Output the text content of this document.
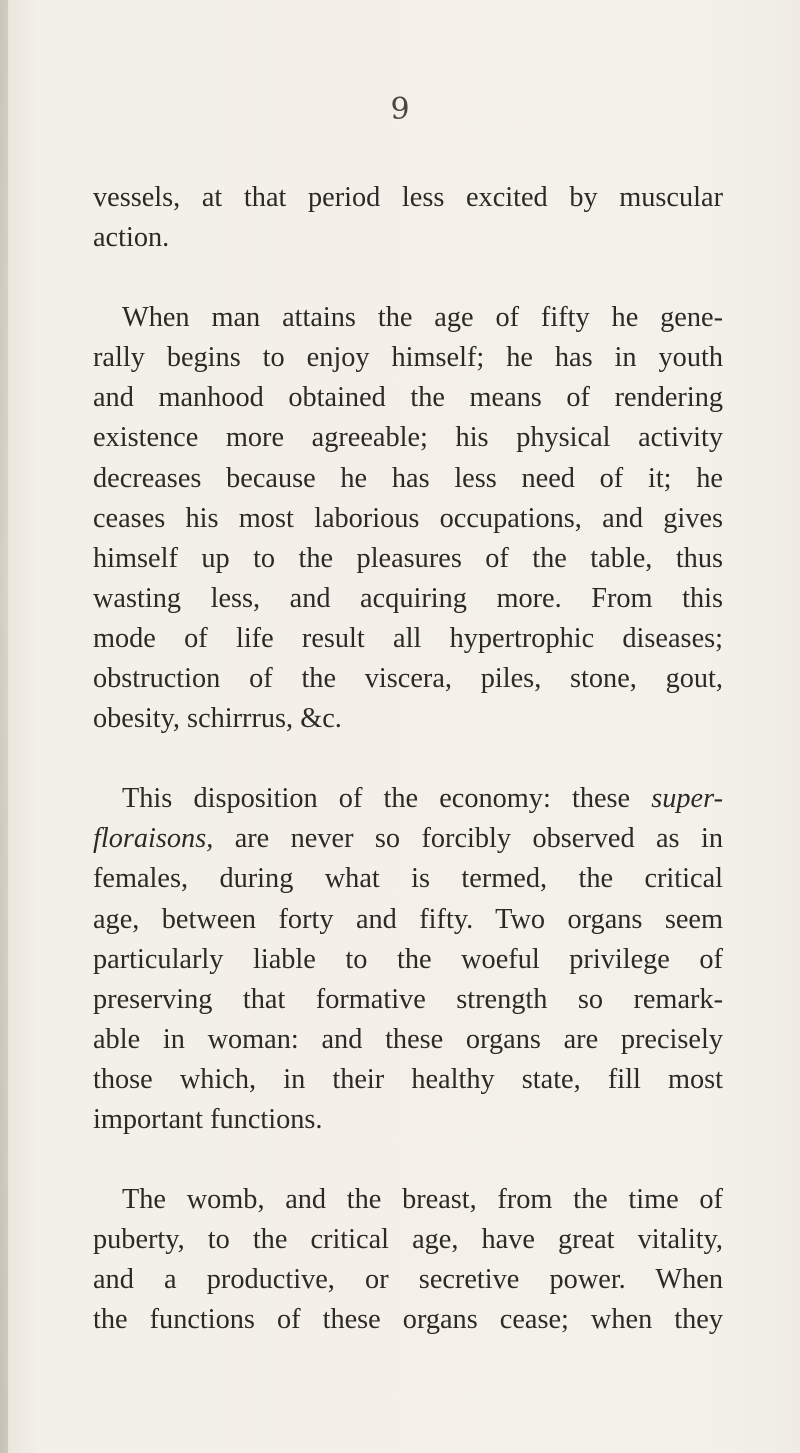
9

vessels, at that period less excited by muscular
action.

When man attains the age of fifty he gene-
rally begins to enjoy himself; he has in youth
and manhood obtained the means of rendering
existence more agreeable; his physical activity
decreases because he has less need of it; he
ceases his most laborious occupations, and gives
himself up to the pleasures of the table, thus
wasting less, and acquiring more. From this
mode of life result all hypertrophic diseases;
obstruction of the viscera, piles, stone, gout,
obesity, schirrrus, &c.

This disposition of the economy: these super-
floraisons, are never so forcibly observed as in
females, during what is termed, the critical
age, between forty and fifty. Two organs seem
particularly liable to the woeful privilege of
preserving that formative strength so remark-
able in woman: and these organs are precisely
those which, in their healthy state, fill most
important functions.

The womb, and the breast, from the time of
puberty, to the critical age, have great vitality,
and a productive, or secretive power. When
the functions of these organs cease; when they
